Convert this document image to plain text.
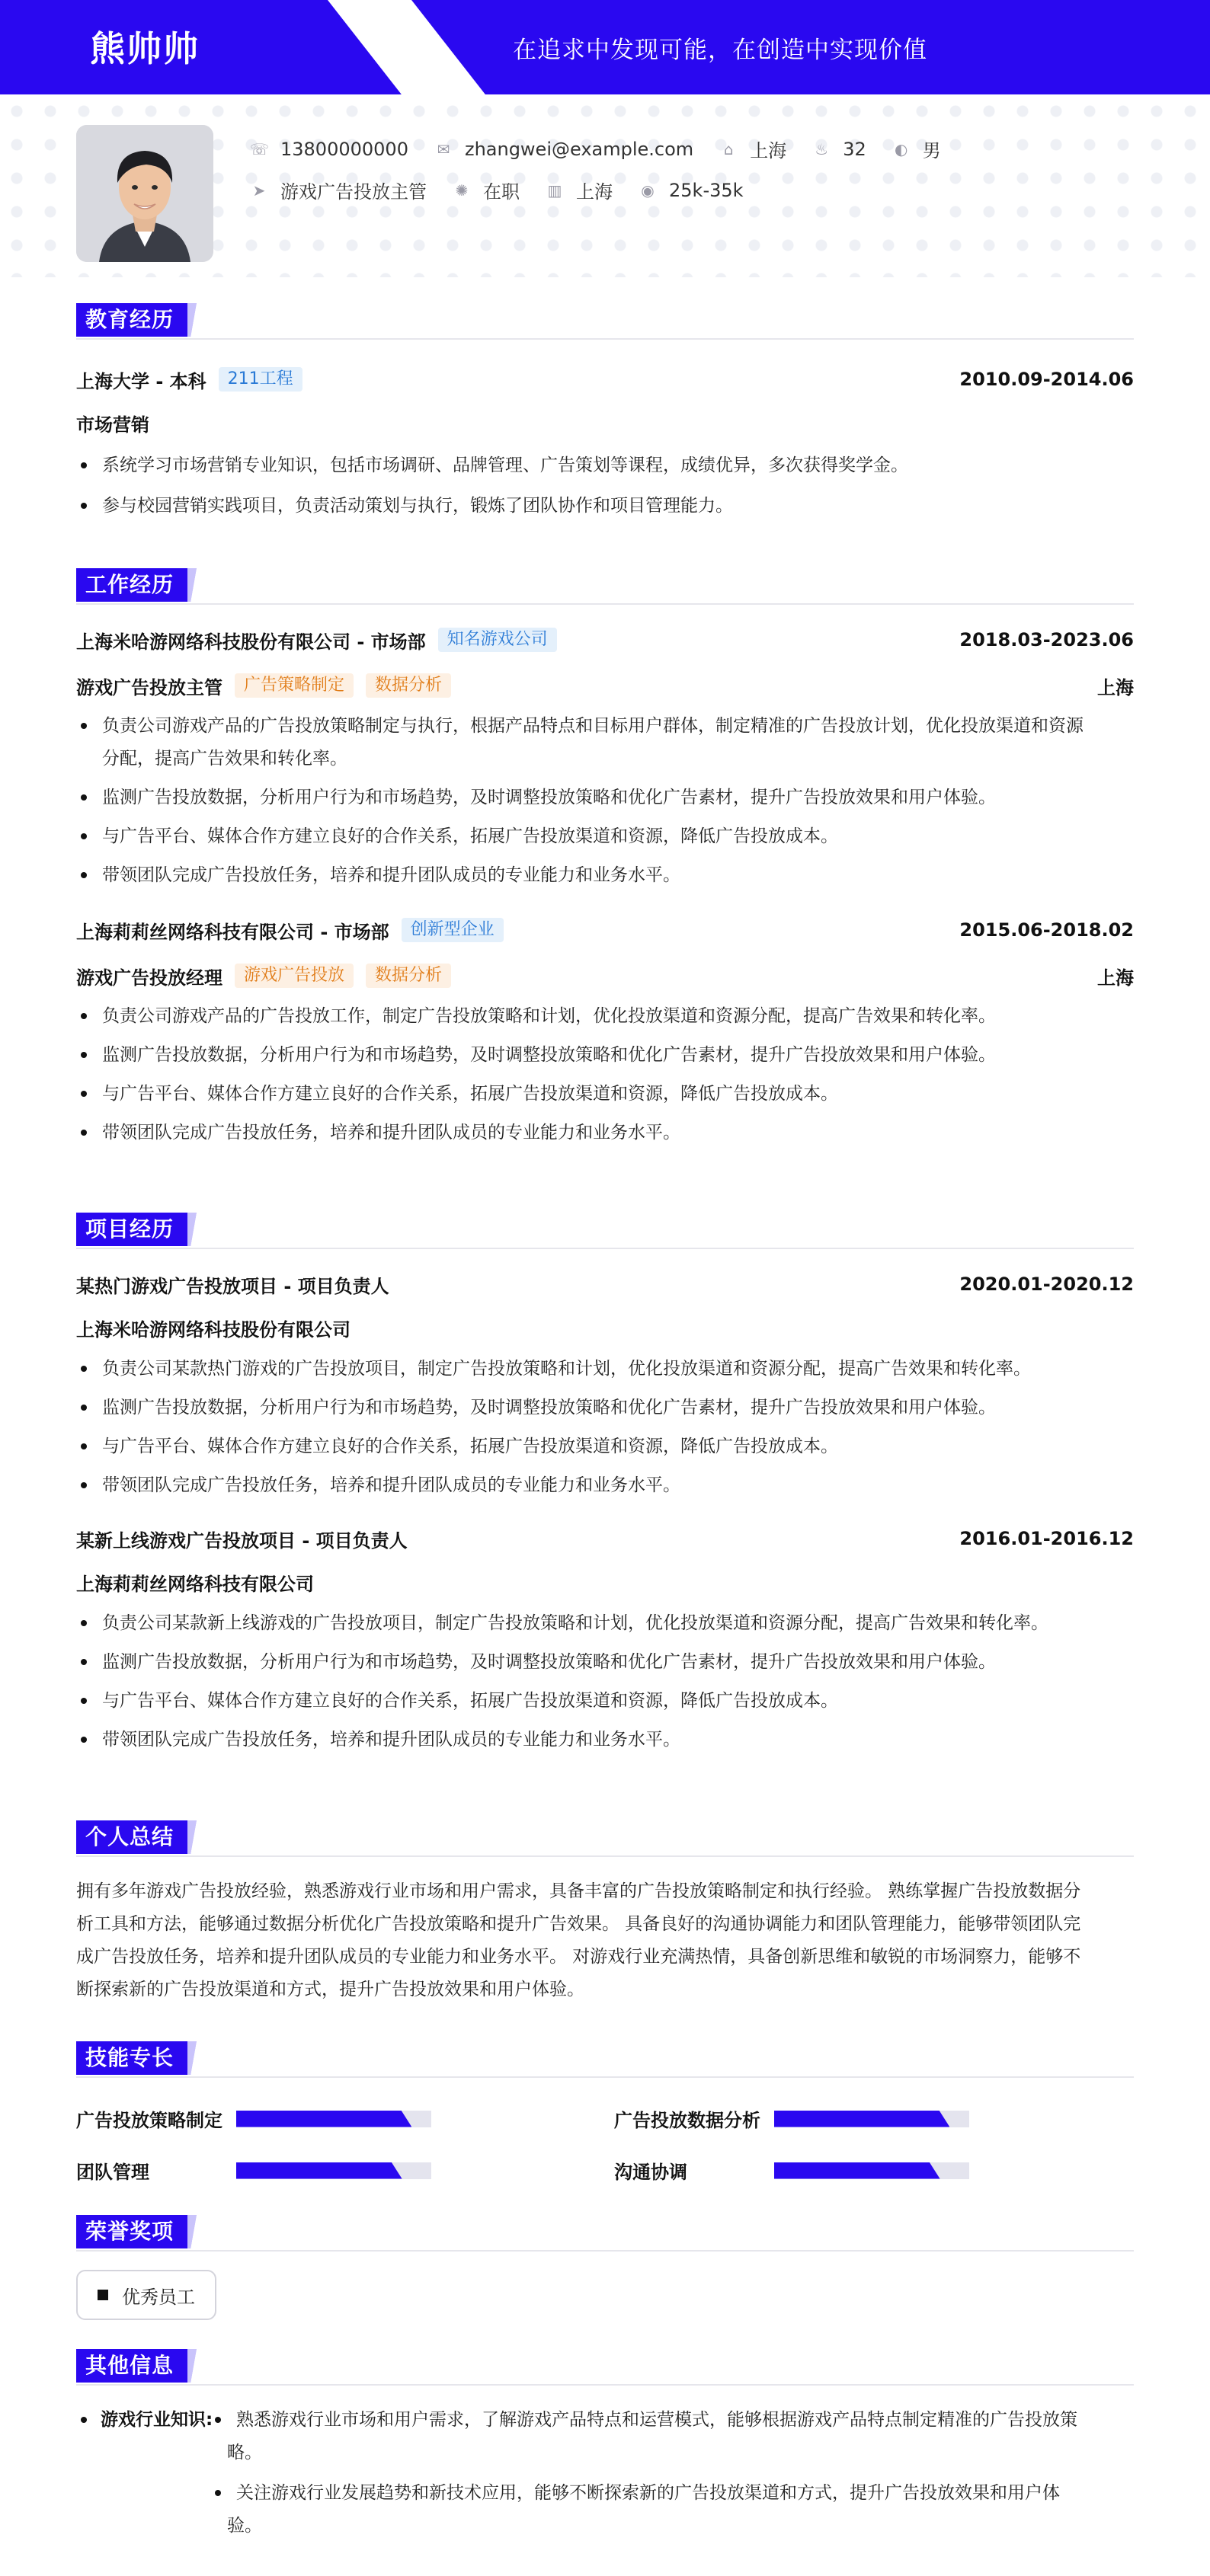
熊帅帅	在追求中发现可能，在创造中实现价值
☏ 13800000000 ✉ zhangwei@example.com ⌂ 上海 ♨ 32 ◐ 男
➤ 游戏广告投放主管 ✺ 在职 ▥ 上海 ◉ 25k-35k
教育经历
上海大学 - 本科	211工程	2010.09-2014.06
市场营销
系统学习市场营销专业知识，包括市场调研、品牌管理、广告策划等课程，成绩优异，多次获得奖学金。
参与校园营销实践项目，负责活动策划与执行，锻炼了团队协作和项目管理能力。
工作经历
上海米哈游网络科技股份有限公司 - 市场部	知名游戏公司	2018.03-2023.06
游戏广告投放主管	广告策略制定	数据分析	上海
负责公司游戏产品的广告投放策略制定与执行，根据产品特点和目标用户群体，制定精准的广告投放计划，优化投放渠道和资源
分配，提高广告效果和转化率。
监测广告投放数据，分析用户行为和市场趋势，及时调整投放策略和优化广告素材，提升广告投放效果和用户体验。
与广告平台、媒体合作方建立良好的合作关系，拓展广告投放渠道和资源，降低广告投放成本。
带领团队完成广告投放任务，培养和提升团队成员的专业能力和业务水平。
上海莉莉丝网络科技有限公司 - 市场部	创新型企业	2015.06-2018.02
游戏广告投放经理	游戏广告投放	数据分析	上海
负责公司游戏产品的广告投放工作，制定广告投放策略和计划，优化投放渠道和资源分配，提高广告效果和转化率。
监测广告投放数据，分析用户行为和市场趋势，及时调整投放策略和优化广告素材，提升广告投放效果和用户体验。
与广告平台、媒体合作方建立良好的合作关系，拓展广告投放渠道和资源，降低广告投放成本。
带领团队完成广告投放任务，培养和提升团队成员的专业能力和业务水平。
项目经历
某热门游戏广告投放项目 - 项目负责人	2020.01-2020.12
上海米哈游网络科技股份有限公司
负责公司某款热门游戏的广告投放项目，制定广告投放策略和计划，优化投放渠道和资源分配，提高广告效果和转化率。
监测广告投放数据，分析用户行为和市场趋势，及时调整投放策略和优化广告素材，提升广告投放效果和用户体验。
与广告平台、媒体合作方建立良好的合作关系，拓展广告投放渠道和资源，降低广告投放成本。
带领团队完成广告投放任务，培养和提升团队成员的专业能力和业务水平。
某新上线游戏广告投放项目 - 项目负责人	2016.01-2016.12
上海莉莉丝网络科技有限公司
负责公司某款新上线游戏的广告投放项目，制定广告投放策略和计划，优化投放渠道和资源分配，提高广告效果和转化率。
监测广告投放数据，分析用户行为和市场趋势，及时调整投放策略和优化广告素材，提升广告投放效果和用户体验。
与广告平台、媒体合作方建立良好的合作关系，拓展广告投放渠道和资源，降低广告投放成本。
带领团队完成广告投放任务，培养和提升团队成员的专业能力和业务水平。
个人总结
拥有多年游戏广告投放经验，熟悉游戏行业市场和用户需求，具备丰富的广告投放策略制定和执行经验。 熟练掌握广告投放数据分
析工具和方法，能够通过数据分析优化广告投放策略和提升广告效果。 具备良好的沟通协调能力和团队管理能力，能够带领团队完
成广告投放任务，培养和提升团队成员的专业能力和业务水平。 对游戏行业充满热情，具备创新思维和敏锐的市场洞察力，能够不
断探索新的广告投放渠道和方式，提升广告投放效果和用户体验。
技能专长
广告投放策略制定	广告投放数据分析
团队管理	沟通协调
荣誉奖项
优秀员工
其他信息
游戏行业知识: 熟悉游戏行业市场和用户需求，了解游戏产品特点和运营模式，能够根据游戏产品特点制定精准的广告投放策
略。
关注游戏行业发展趋势和新技术应用，能够不断探索新的广告投放渠道和方式，提升广告投放效果和用户体
验。
